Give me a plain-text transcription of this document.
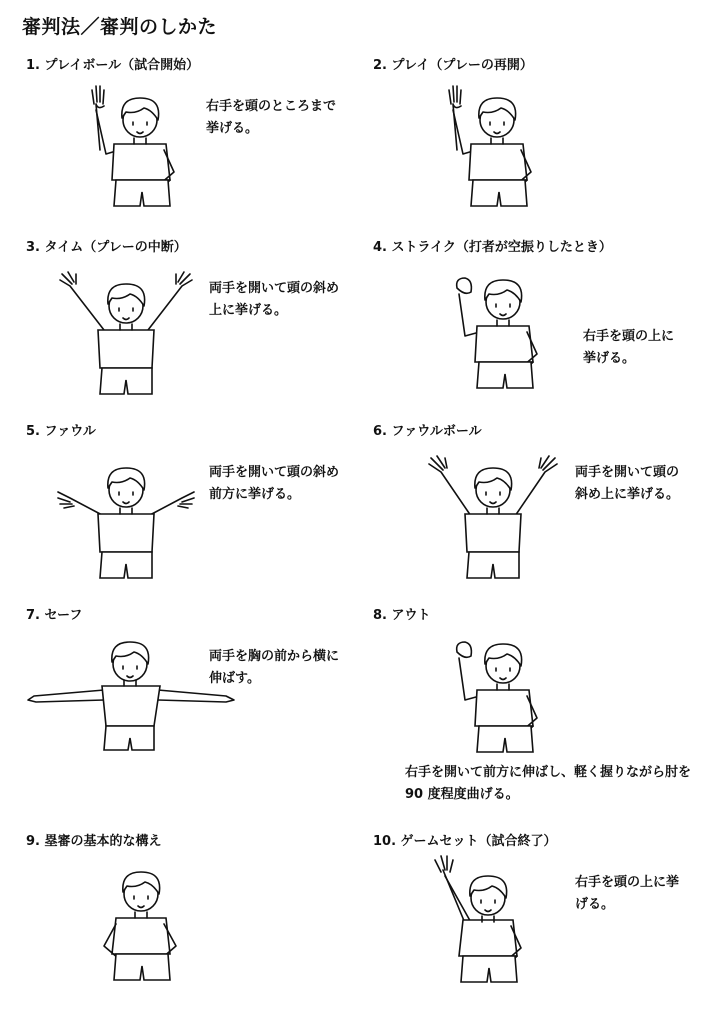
審判法／審判のしかた
1. プレイボール（試合開始）
右手を頭のところまで
挙げる。
2. プレイ（プレーの再開）
3. タイム（プレーの中断）
両手を開いて頭の斜め
上に挙げる。
4. ストライク（打者が空振りしたとき）
右手を頭の上に
挙げる。
5. ファウル
両手を開いて頭の斜め
前方に挙げる。
6. ファウルボール
両手を開いて頭の
斜め上に挙げる。
7. セーフ
両手を胸の前から横に
伸ばす。
8. アウト
右手を開いて前方に伸ばし、軽く握りながら肘を
90 度程度曲げる。
9. 塁審の基本的な構え	10. ゲームセット（試合終了）
右手を頭の上に挙
げる。
